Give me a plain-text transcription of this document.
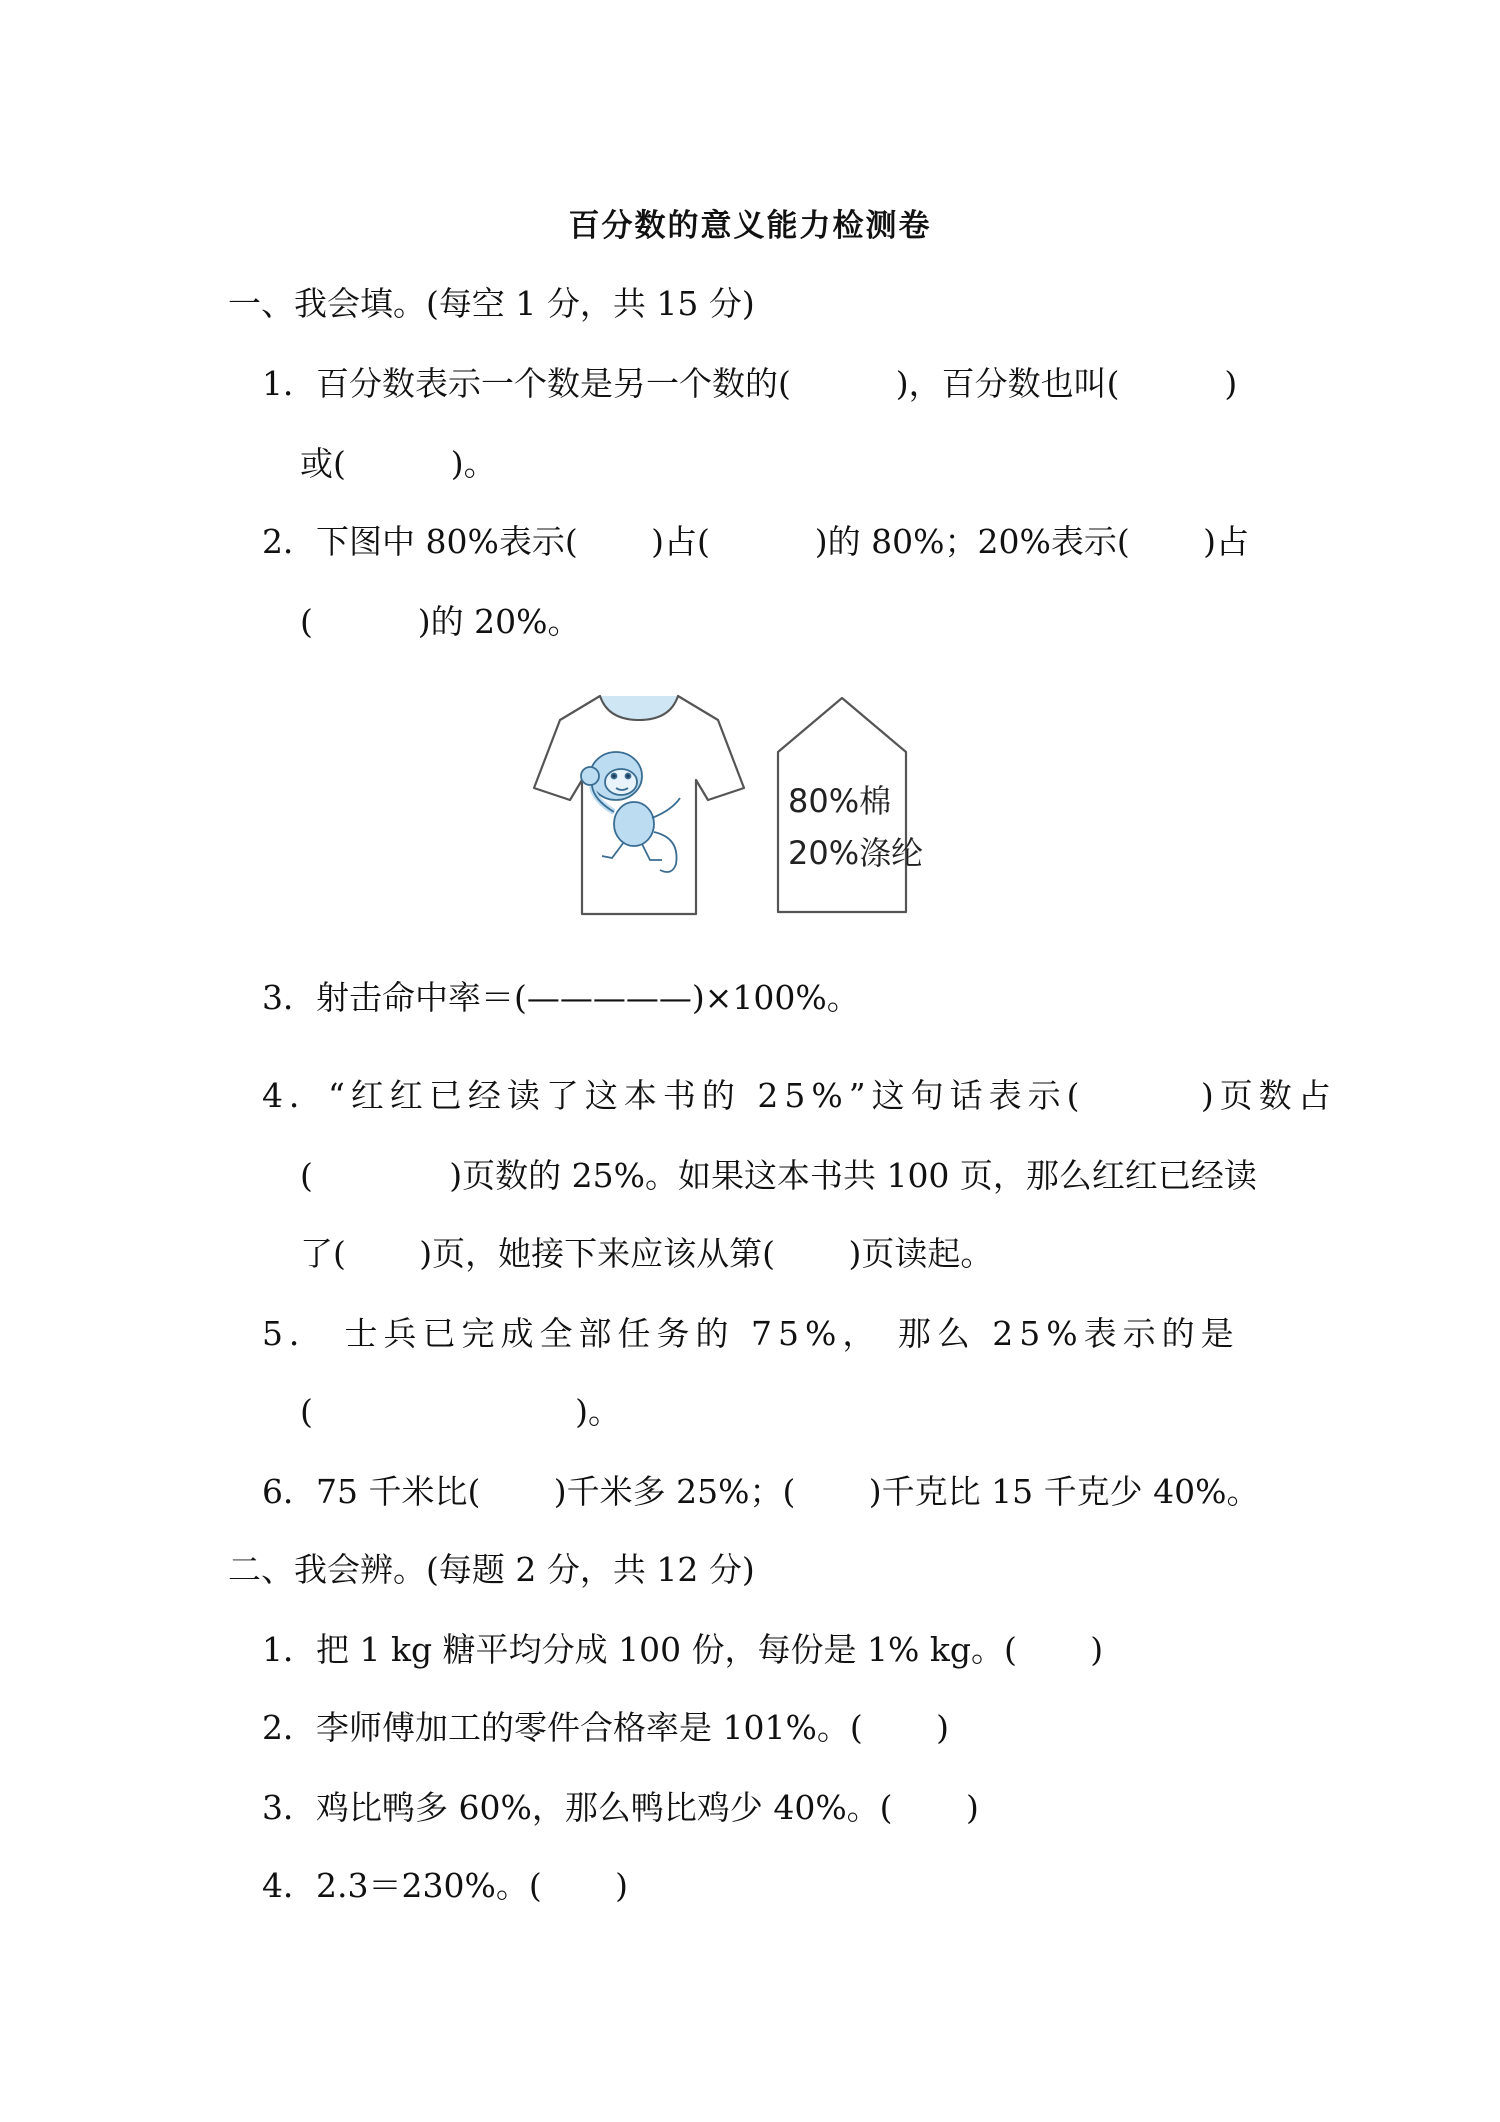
百分数的意义能力检测卷
一、我会填。(每空 1 分，共 15 分)
1．百分数表示一个数是另一个数的(          )，百分数也叫(          )
或(          )。
2．下图中 80%表示(       )占(          )的 80%；20%表示(       )占
(          )的 20%。
80%棉
20%涤纶
3．射击命中率＝(—————)×100%。
4．“红红已经读了这本书的 25%”这句话表示(       )页数占
(             )页数的 25%。如果这本书共 100 页，那么红红已经读
了(       )页，她接下来应该从第(       )页读起。
5． 士兵已完成全部任务的 75%， 那么 25%表示的是
(                         )。
6．75 千米比(       )千米多 25%；(       )千克比 15 千克少 40%。
二、我会辨。(每题 2 分，共 12 分)
1．把 1 kg 糖平均分成 100 份，每份是 1% kg。(       )
2．李师傅加工的零件合格率是 101%。(       )
3．鸡比鸭多 60%，那么鸭比鸡少 40%。(       )
4．2.3＝230%。(       )
